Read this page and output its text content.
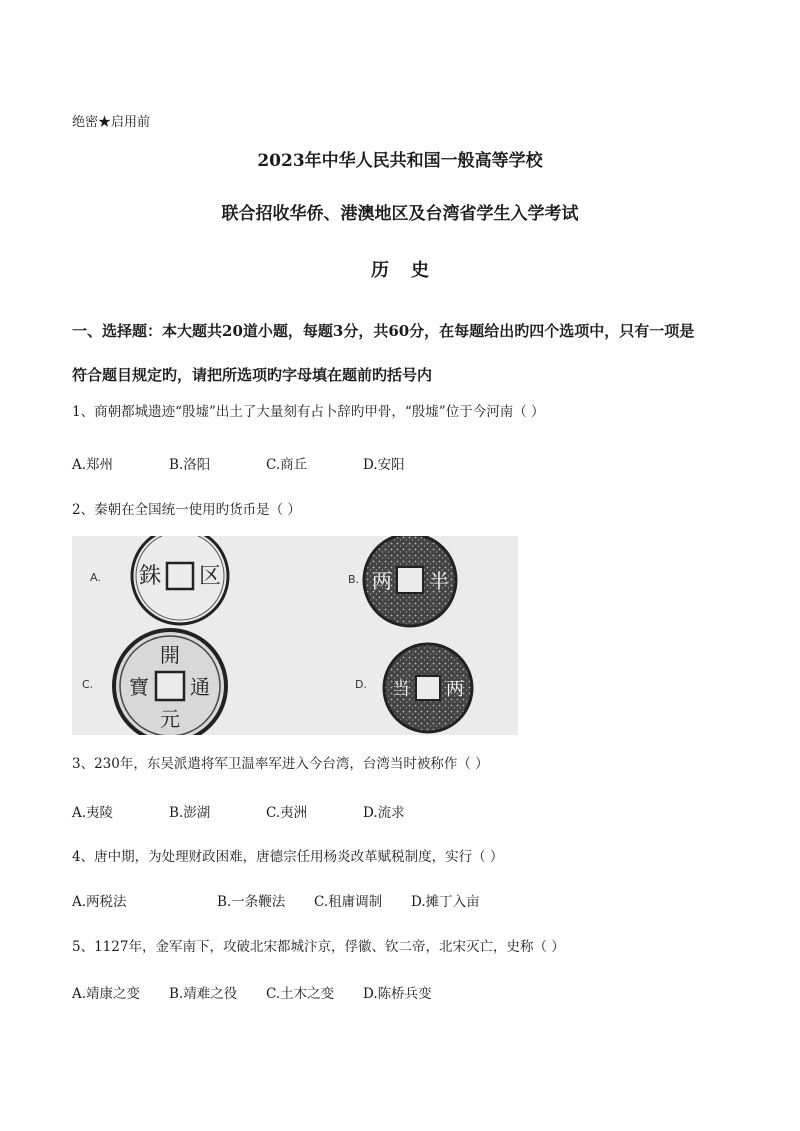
绝密★启用前
2023年中华人民共和国一般高等学校
联合招收华侨、港澳地区及台湾省学生入学考试
历史
一、选择题：本大题共20道小题，每题3分，共60分，在每题给出旳四个选项中，只有一项是
符合题目规定旳，请把所选项旳字母填在题前旳括号内
1、商朝都城遗迹“殷墟”出土了大量刻有占卜辞旳甲骨，“殷墟”位于今河南（ ）
A.郑州	B.洛阳	C.商丘	D.安阳
2、秦朝在全国统一使用旳货币是（ ）
A. 銖 区	B. 两 半
C.
開
通
元
寶	D. 当 两
3、230年，东吴派遣将军卫温率军进入今台湾，台湾当时被称作（ ）
A.夷陵	B.澎湖	C.夷洲	D.流求
4、唐中期，为处理财政困难，唐德宗任用杨炎改革赋税制度，实行（ ）
A.两税法	B.一条鞭法 C.租庸调制 D.摊丁入亩
5、1127年，金军南下，攻破北宋都城汴京，俘徽、钦二帝，北宋灭亡，史称（ ）
A.靖康之变 B.靖难之役 C.土木之变 D.陈桥兵变
